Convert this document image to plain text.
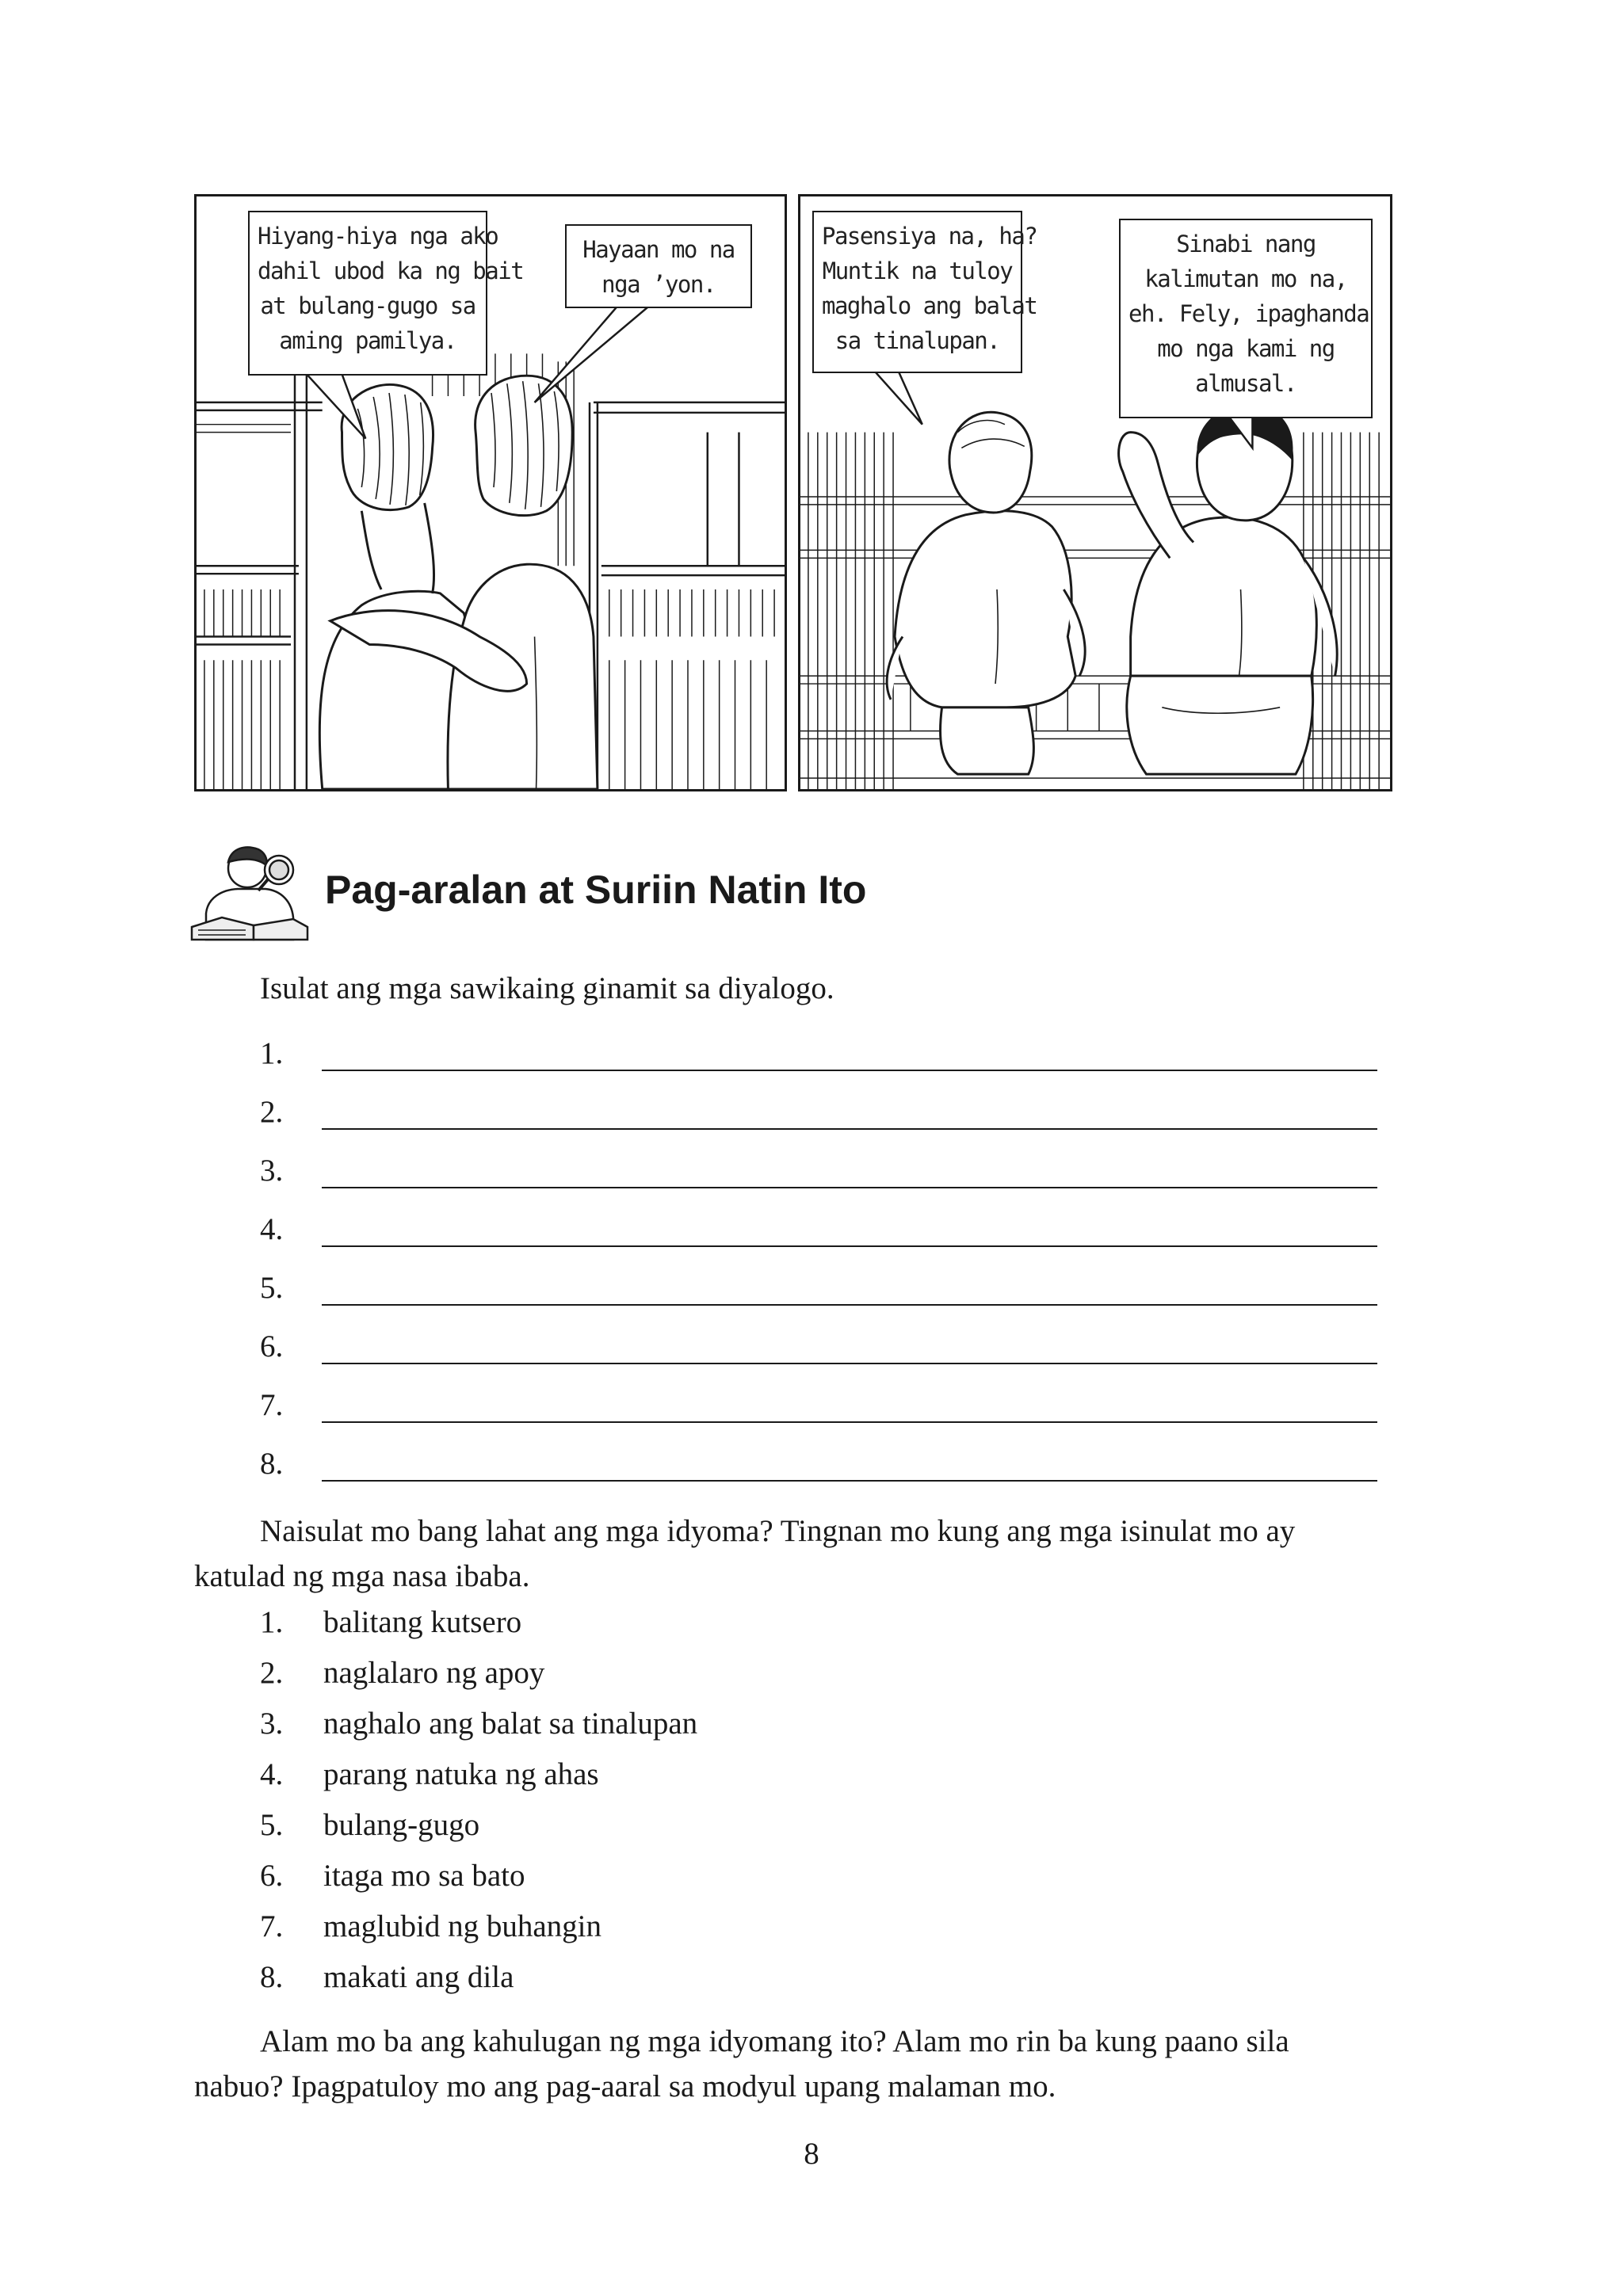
Hiyang-hiya nga ako
dahil ubod ka ng bait
at bulang-gugo sa
aming pamilya.
Hayaan mo na
nga ’yon.
Pasensiya na, ha?
Muntik na tuloy
maghalo ang balat
sa tinalupan.
Sinabi nang
kalimutan mo na,
eh. Fely, ipaghanda
mo nga kami ng
almusal.
Pag-aralan at Suriin Natin Ito
Isulat ang mga sawikaing ginamit sa diyalogo.
1.
2.
3.
4.
5.
6.
7.
8.
Naisulat mo bang lahat ang mga idyoma? Tingnan mo kung ang mga isinulat mo ay
katulad ng mga nasa ibaba.
1. balitang kutsero
2. naglalaro ng apoy
3. naghalo ang balat sa tinalupan
4. parang natuka ng ahas
5. bulang-gugo
6. itaga mo sa bato
7. maglubid ng buhangin
8. makati ang dila
Alam mo ba ang kahulugan ng mga idyomang ito? Alam mo rin ba kung paano sila
nabuo? Ipagpatuloy mo ang pag-aaral sa modyul upang malaman mo.
8
